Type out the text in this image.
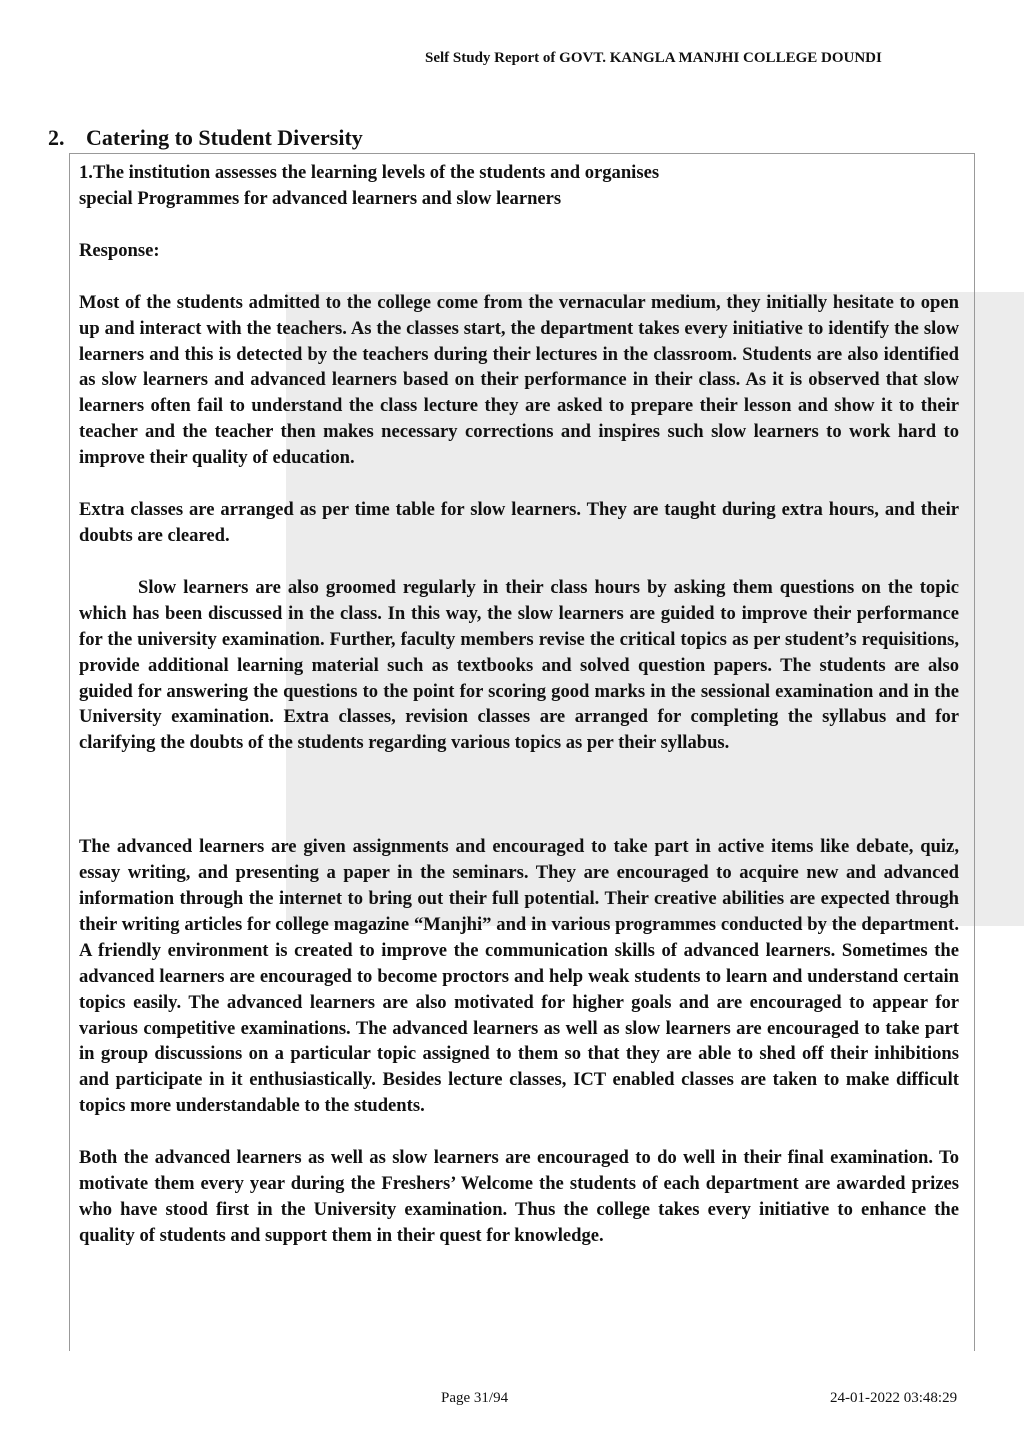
Self Study Report of GOVT. KANGLA MANJHI COLLEGE DOUNDI
2. Catering to Student Diversity

1.The institution assesses the learning levels of the students and organises

special Programmes for advanced learners and slow learners

Response:

Most of the students admitted to the college come from the vernacular medium, they initially hesitate to open up and interact with the teachers. As the classes start, the department takes every initiative to identify the slow learners and this is detected by the teachers during their lectures in the classroom. Students are also identified as slow learners and advanced learners based on their performance in their class. As it is observed that slow learners often fail to understand the class lecture they are asked to prepare their lesson and show it to their teacher and the teacher then makes necessary corrections and inspires such slow learners to work hard to improve their quality of education.

Extra classes are arranged as per time table for slow learners. They are taught during extra hours, and their doubts are cleared.

Slow learners are also groomed regularly in their class hours by asking them questions on the topic which has been discussed in the class. In this way, the slow learners are guided to improve their performance for the university examination. Further, faculty members revise the critical topics as per student’s requisitions, provide additional learning material such as textbooks and solved question papers. The students are also guided for answering the questions to the point for scoring good marks in the sessional examination and in the University examination. Extra classes, revision classes are arranged for completing the syllabus and for clarifying the doubts of the students regarding various topics as per their syllabus.

The advanced learners are given assignments and encouraged to take part in active items like debate, quiz, essay writing, and presenting a paper in the seminars. They are encouraged to acquire new and advanced information through the internet to bring out their full potential. Their creative abilities are expected through their writing articles for college magazine “Manjhi” and in various programmes conducted by the department. A friendly environment is created to improve the communication skills of advanced learners. Sometimes the advanced learners are encouraged to become proctors and help weak students to learn and understand certain topics easily. The advanced learners are also motivated for higher goals and are encouraged to appear for various competitive examinations. The advanced learners as well as slow learners are encouraged to take part in group discussions on a particular topic assigned to them so that they are able to shed off their inhibitions and participate in it enthusiastically. Besides lecture classes, ICT enabled classes are taken to make difficult topics more understandable to the students.

Both the advanced learners as well as slow learners are encouraged to do well in their final examination. To motivate them every year during the Freshers’ Welcome the students of each department are awarded prizes who have stood first in the University examination. Thus the college takes every initiative to enhance the quality of students and support them in their quest for knowledge.

Page 31/94	24-01-2022 03:48:29
